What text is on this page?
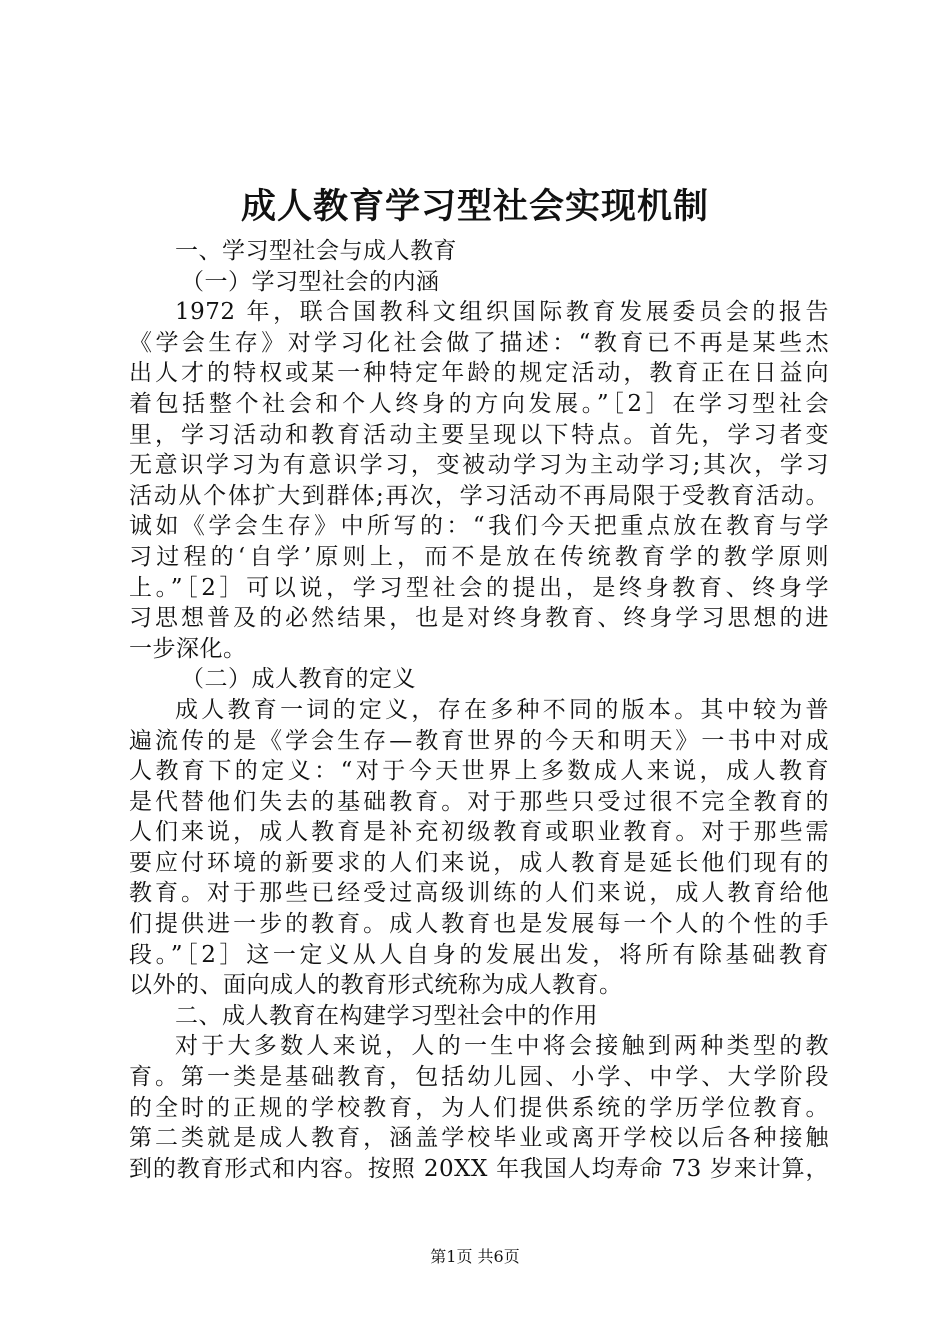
成人教育学习型社会实现机制
一、学习型社会与成人教育
（一）学习型社会的内涵
1972 年，联合国教科文组织国际教育发展委员会的报告
《学会生存》对学习化社会做了描述：“教育已不再是某些杰
出人才的特权或某一种特定年龄的规定活动，教育正在日益向
着包括整个社会和个人终身的方向发展。”［2］在学习型社会
里，学习活动和教育活动主要呈现以下特点。首先，学习者变
无意识学习为有意识学习，变被动学习为主动学习;其次，学习
活动从个体扩大到群体;再次，学习活动不再局限于受教育活动。
诚如《学会生存》中所写的：“我们今天把重点放在教育与学
习过程的‘自学’原则上，而不是放在传统教育学的教学原则
上。”［2］可以说，学习型社会的提出，是终身教育、终身学
习思想普及的必然结果，也是对终身教育、终身学习思想的进
一步深化。
（二）成人教育的定义
成人教育一词的定义，存在多种不同的版本。其中较为普
遍流传的是《学会生存—教育世界的今天和明天》一书中对成
人教育下的定义：“对于今天世界上多数成人来说，成人教育
是代替他们失去的基础教育。对于那些只受过很不完全教育的
人们来说，成人教育是补充初级教育或职业教育。对于那些需
要应付环境的新要求的人们来说，成人教育是延长他们现有的
教育。对于那些已经受过高级训练的人们来说，成人教育给他
们提供进一步的教育。成人教育也是发展每一个人的个性的手
段。”［2］这一定义从人自身的发展出发，将所有除基础教育
以外的、面向成人的教育形式统称为成人教育。
二、成人教育在构建学习型社会中的作用
对于大多数人来说，人的一生中将会接触到两种类型的教
育。第一类是基础教育，包括幼儿园、小学、中学、大学阶段
的全时的正规的学校教育，为人们提供系统的学历学位教育。
第二类就是成人教育，涵盖学校毕业或离开学校以后各种接触
到的教育形式和内容。按照 20XX 年我国人均寿命 73 岁来计算，
第1页 共6页
